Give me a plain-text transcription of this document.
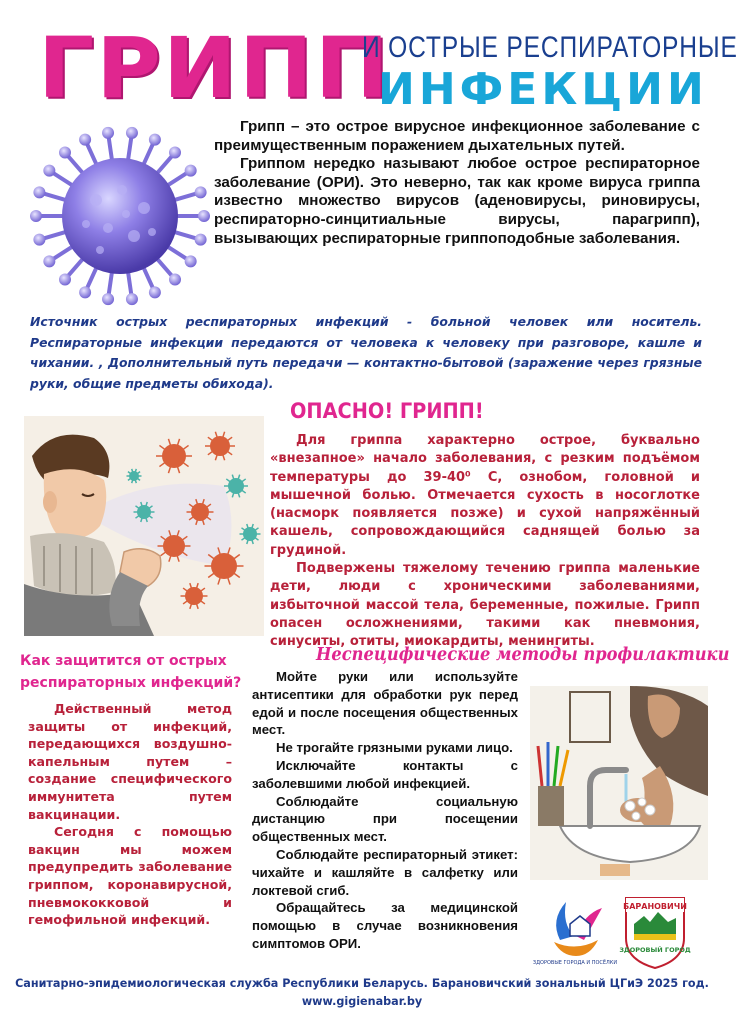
ГРИПП
И ОСТРЫЕ РЕСПИРАТОРНЫЕ
ИНФЕКЦИИ

Грипп – это острое вирусное инфекционное заболевание с преимущественным поражением дыхательных путей.

Гриппом нередко называют любое острое респираторное заболевание (ОРИ). Это неверно, так как кроме вируса гриппа известно множество вирусов (аденовирусы, риновирусы, респираторно-синцитиальные вирусы, парагрипп), вызывающих респираторные гриппоподобные заболевания.

Источник острых респираторных инфекций - больной человек или носитель. Респираторные инфекции передаются от человека к человеку при разговоре, кашле и чихании. , Дополнительный путь передачи — контактно-бытовой (заражение через грязные руки, общие предметы обихода).
ОПАСНО! ГРИПП!

Для гриппа характерно острое, буквально «внезапное» начало заболевания, с резким подъёмом температуры до 39-40⁰ С, ознобом, головной и мышечной болью. Отмечается сухость в носоглотке (насморк появляется позже) и сухой напряжённый кашель, сопровождающийся саднящей болью за грудиной.

Подвержены тяжелому течению гриппа маленькие дети, люди с хроническими заболеваниями, избыточной массой тела, беременные, пожилые. Грипп опасен осложнениями, такими как пневмония, синуситы, отиты, миокардиты, менингиты.

Как защитится от острых респираторных инфекций?

Действенный метод защиты от инфекций, передающихся воздушно-капельным путем – создание специфического иммунитета путем вакцинации.

Сегодня с помощью вакцин мы можем предупредить заболевание гриппом, коронавирусной, пневмококковой и гемофильной инфекций.

Неспецифические методы профилактики

Мойте руки или используйте антисептики для обработки рук перед едой и после посещения общественных мест.

Не трогайте грязными руками лицо.

Исключайте контакты с заболевшими любой инфекцией.

Соблюдайте социальную дистанцию при посещении общественных мест.

Соблюдайте респираторный этикет: чихайте и кашляйте в салфетку или локтевой сгиб.

Обращайтесь за медицинской помощью в случае возникновения симптомов ОРИ.

ЗДОРОВЫЕ ГОРОДА И ПОСЁЛКИ
БАРАНОВИЧИ
ЗДОРОВЫЙ ГОРОД
Санитарно-эпидемиологическая служба Республики Беларусь. Барановичский зональный ЦГиЭ 2025 год.
www.gigienabar.by
